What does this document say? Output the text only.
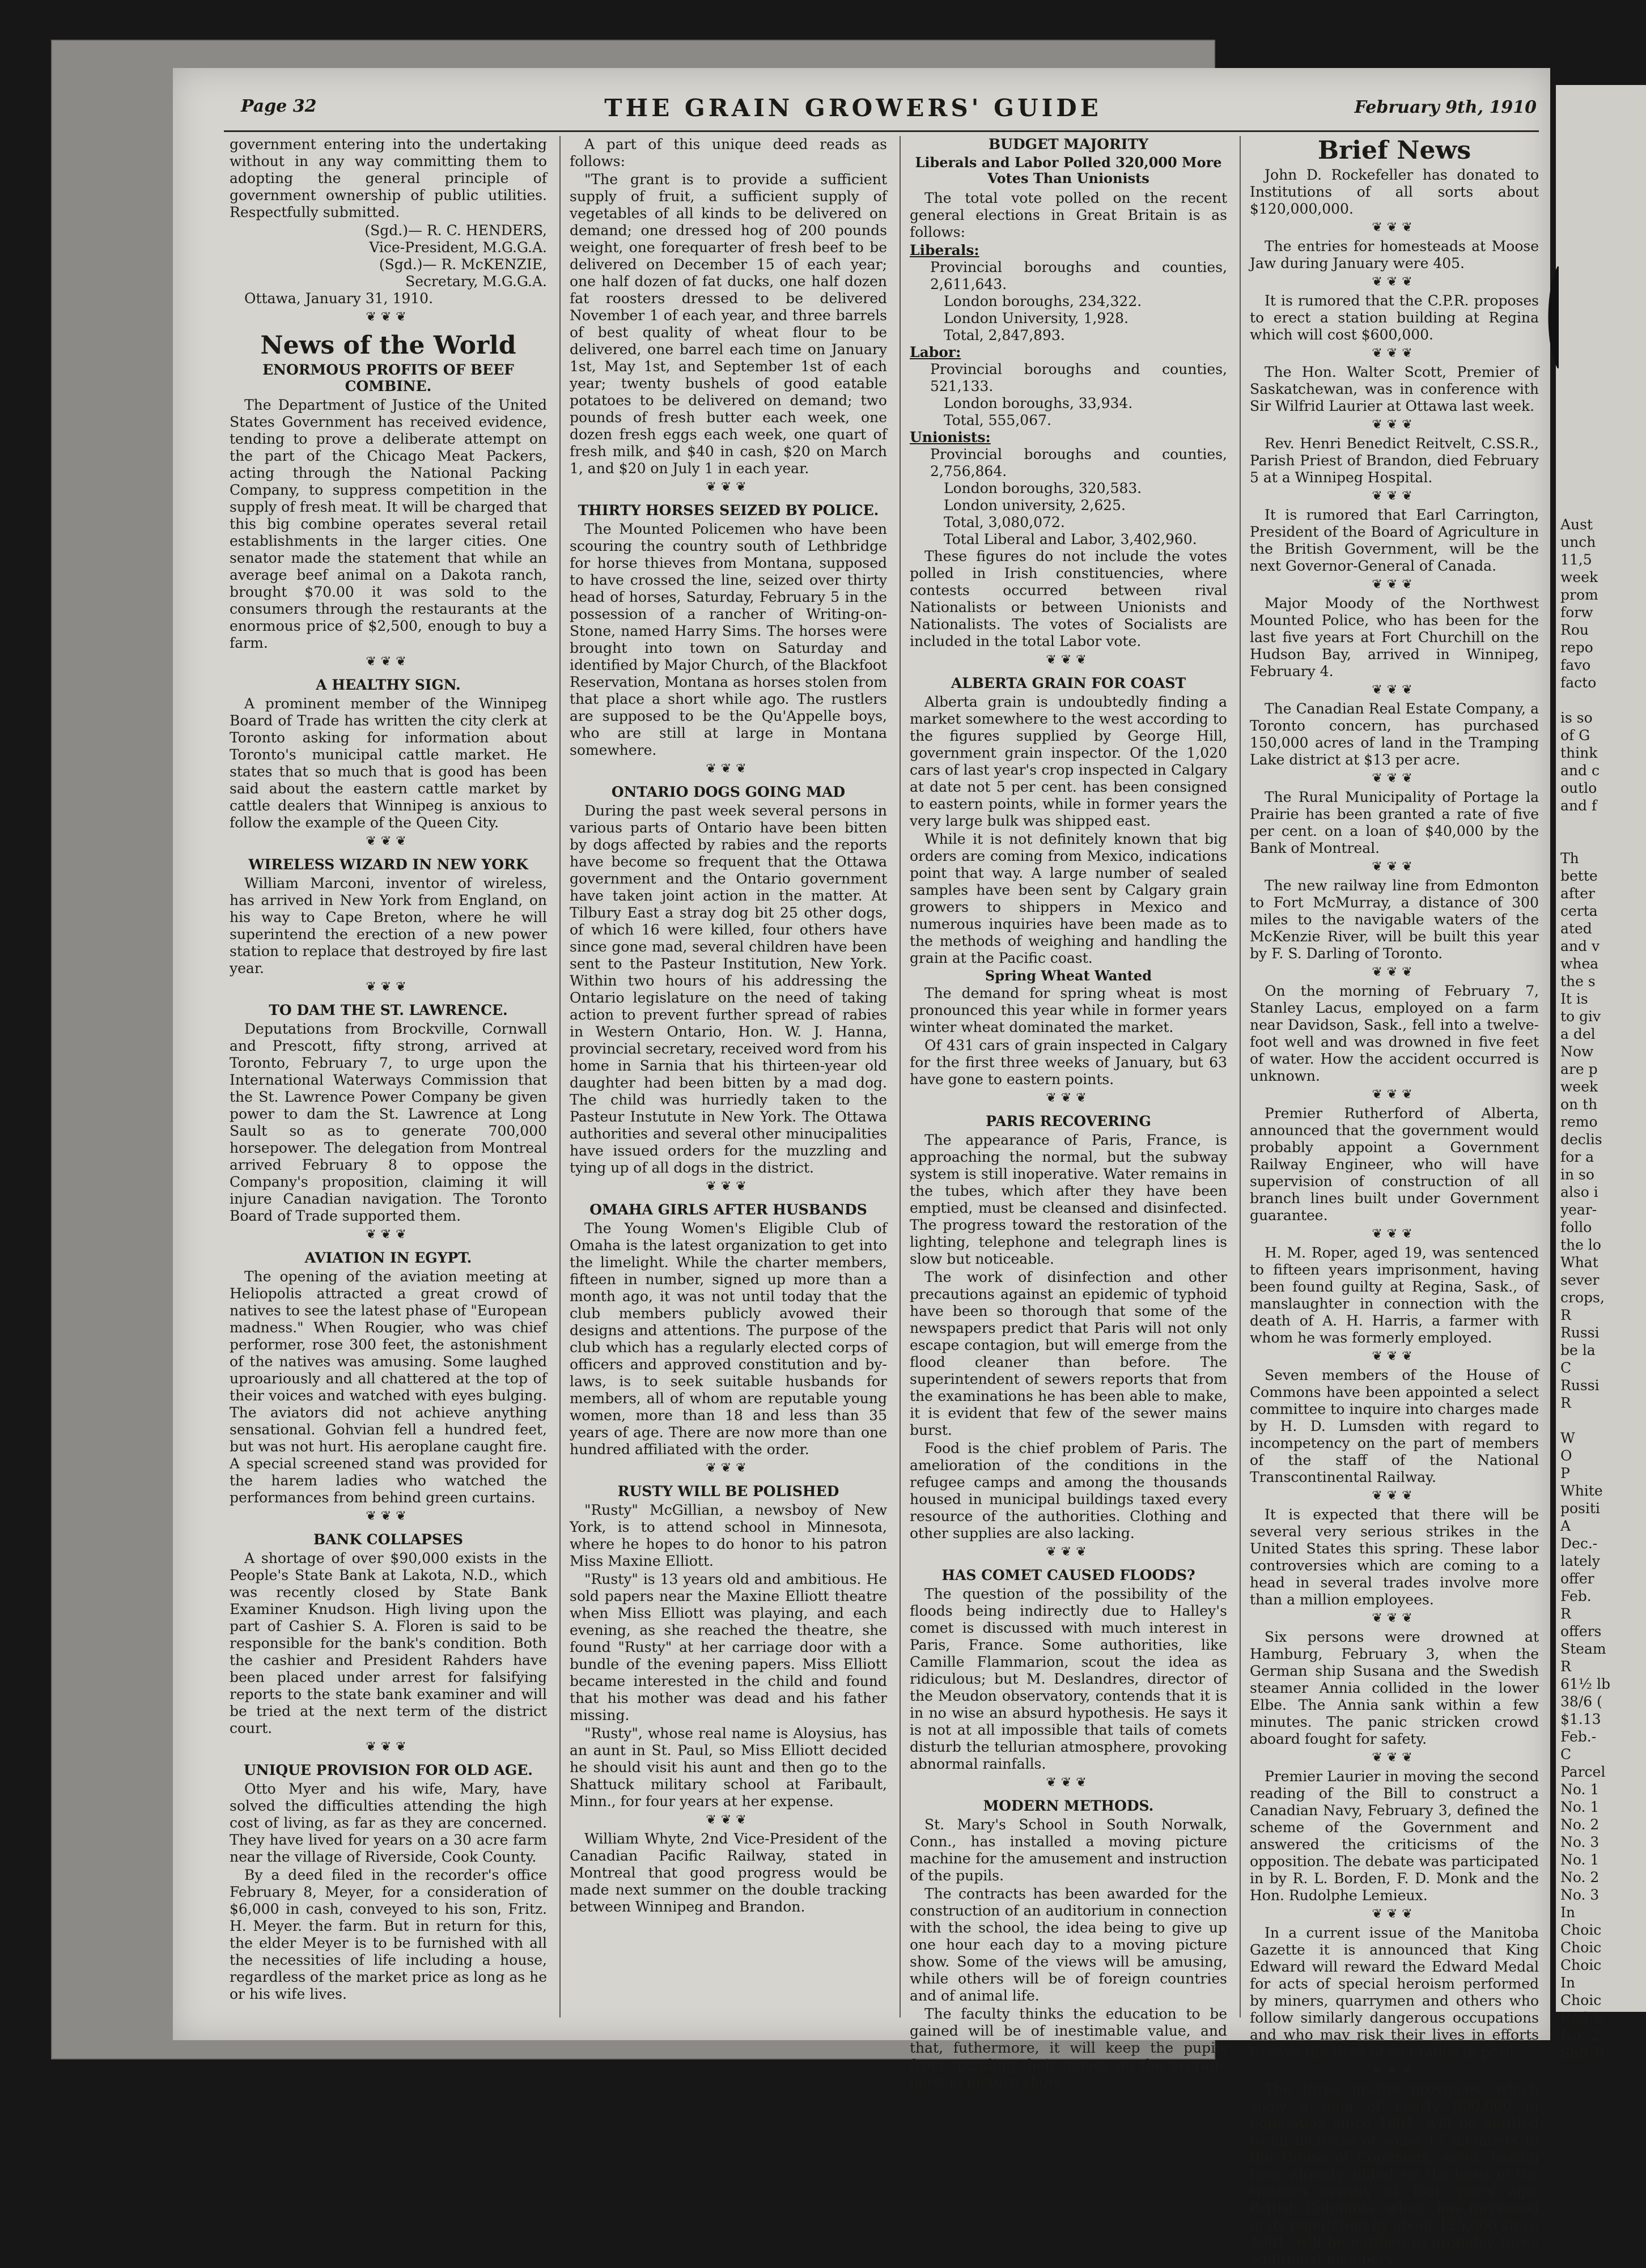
Page 32	THE GRAIN GROWERS' GUIDE	February 9th, 1910

government entering into the undertaking without in any way committing them to adopting the general principle of government ownership of public utilities. Respectfully submitted.

(Sgd.)— R. C. HENDERS,

Vice-President, M.G.G.A.

(Sgd.)— R. McKENZIE,

Secretary, M.G.G.A.

Ottawa, January 31, 1910.

❦❦❦
News of the World
ENORMOUS PROFITS OF BEEF COMBINE.

The Department of Justice of the United States Government has received evidence, tending to prove a deliberate attempt on the part of the Chicago Meat Packers, acting through the National Packing Company, to suppress competition in the supply of fresh meat. It will be charged that this big combine operates several retail establishments in the larger cities. One senator made the statement that while an average beef animal on a Dakota ranch, brought $70.00 it was sold to the consumers through the restaurants at the enormous price of $2,500, enough to buy a farm.

❦❦❦
A HEALTHY SIGN.

A prominent member of the Winnipeg Board of Trade has written the city clerk at Toronto asking for information about Toronto's municipal cattle market. He states that so much that is good has been said about the eastern cattle market by cattle dealers that Winnipeg is anxious to follow the example of the Queen City.

❦❦❦
WIRELESS WIZARD IN NEW YORK

William Marconi, inventor of wireless, has arrived in New York from England, on his way to Cape Breton, where he will superintend the erection of a new power station to replace that destroyed by fire last year.

❦❦❦
TO DAM THE ST. LAWRENCE.

Deputations from Brockville, Cornwall and Prescott, fifty strong, arrived at Toronto, February 7, to urge upon the International Waterways Commission that the St. Lawrence Power Company be given power to dam the St. Lawrence at Long Sault so as to generate 700,000 horsepower. The delegation from Montreal arrived February 8 to oppose the Company's proposition, claiming it will injure Canadian navigation. The Toronto Board of Trade supported them.

❦❦❦
AVIATION IN EGYPT.

The opening of the aviation meeting at Heliopolis attracted a great crowd of natives to see the latest phase of "European madness." When Rougier, who was chief performer, rose 300 feet, the astonishment of the natives was amusing. Some laughed uproariously and all chattered at the top of their voices and watched with eyes bulging. The aviators did not achieve anything sensational. Gohvian fell a hundred feet, but was not hurt. His aeroplane caught fire. A special screened stand was provided for the harem ladies who watched the performances from behind green curtains.

❦❦❦
BANK COLLAPSES

A shortage of over $90,000 exists in the People's State Bank at Lakota, N.D., which was recently closed by State Bank Examiner Knudson. High living upon the part of Cashier S. A. Floren is said to be responsible for the bank's condition. Both the cashier and President Rahders have been placed under arrest for falsifying reports to the state bank examiner and will be tried at the next term of the district court.

❦❦❦
UNIQUE PROVISION FOR OLD AGE.

Otto Myer and his wife, Mary, have solved the difficulties attending the high cost of living, as far as they are concerned. They have lived for years on a 30 acre farm near the village of Riverside, Cook County.

By a deed filed in the recorder's office February 8, Meyer, for a consideration of $6,000 in cash, conveyed to his son, Fritz. H. Meyer. the farm. But in return for this, the elder Meyer is to be furnished with all the necessities of life including a house, regardless of the market price as long as he or his wife lives.

A part of this unique deed reads as follows:

"The grant is to provide a sufficient supply of fruit, a sufficient supply of vegetables of all kinds to be delivered on demand; one dressed hog of 200 pounds weight, one forequarter of fresh beef to be delivered on December 15 of each year; one half dozen of fat ducks, one half dozen fat roosters dressed to be delivered November 1 of each year, and three barrels of best quality of wheat flour to be delivered, one barrel each time on January 1st, May 1st, and September 1st of each year; twenty bushels of good eatable potatoes to be delivered on demand; two pounds of fresh butter each week, one dozen fresh eggs each week, one quart of fresh milk, and $40 in cash, $20 on March 1, and $20 on July 1 in each year.

❦❦❦
THIRTY HORSES SEIZED BY POLICE.

The Mounted Policemen who have been scouring the country south of Lethbridge for horse thieves from Montana, supposed to have crossed the line, seized over thirty head of horses, Saturday, February 5 in the possession of a rancher of Writing-on-Stone, named Harry Sims. The horses were brought into town on Saturday and identified by Major Church, of the Blackfoot Reservation, Montana as horses stolen from that place a short while ago. The rustlers are supposed to be the Qu'Appelle boys, who are still at large in Montana somewhere.

❦❦❦
ONTARIO DOGS GOING MAD

During the past week several persons in various parts of Ontario have been bitten by dogs affected by rabies and the reports have become so frequent that the Ottawa government and the Ontario government have taken joint action in the matter. At Tilbury East a stray dog bit 25 other dogs, of which 16 were killed, four others have since gone mad, several children have been sent to the Pasteur Institution, New York. Within two hours of his addressing the Ontario legislature on the need of taking action to prevent further spread of rabies in Western Ontario, Hon. W. J. Hanna, provincial secretary, received word from his home in Sarnia that his thirteen-year old daughter had been bitten by a mad dog. The child was hurriedly taken to the Pasteur Instutute in New York. The Ottawa authorities and several other minucipalities have issued orders for the muzzling and tying up of all dogs in the district.

❦❦❦
OMAHA GIRLS AFTER HUSBANDS

The Young Women's Eligible Club of Omaha is the latest organization to get into the limelight. While the charter members, fifteen in number, signed up more than a month ago, it was not until today that the club members publicly avowed their designs and attentions. The purpose of the club which has a regularly elected corps of officers and approved constitution and by-laws, is to seek suitable husbands for members, all of whom are reputable young women, more than 18 and less than 35 years of age. There are now more than one hundred affiliated with the order.

❦❦❦
RUSTY WILL BE POLISHED

"Rusty" McGillian, a newsboy of New York, is to attend school in Minnesota, where he hopes to do honor to his patron Miss Maxine Elliott.

"Rusty" is 13 years old and ambitious. He sold papers near the Maxine Elliott theatre when Miss Elliott was playing, and each evening, as she reached the theatre, she found "Rusty" at her carriage door with a bundle of the evening papers. Miss Elliott became interested in the child and found that his mother was dead and his father missing.

"Rusty", whose real name is Aloysius, has an aunt in St. Paul, so Miss Elliott decided he should visit his aunt and then go to the Shattuck military school at Faribault, Minn., for four years at her expense.

❦❦❦

William Whyte, 2nd Vice-President of the Canadian Pacific Railway, stated in Montreal that good progress would be made next summer on the double tracking between Winnipeg and Brandon.

BUDGET MAJORITY
Liberals and Labor Polled 320,000 More Votes Than Unionists

The total vote polled on the recent general elections in Great Britain is as follows:

Liberals:

Provincial boroughs and counties, 2,611,643.

London boroughs, 234,322.

London University, 1,928.

Total, 2,847,893.

Labor:

Provincial boroughs and counties, 521,133.

London boroughs, 33,934.

Total, 555,067.

Unionists:

Provincial boroughs and counties, 2,756,864.

London boroughs, 320,583.

London university, 2,625.

Total, 3,080,072.

Total Liberal and Labor, 3,402,960.

These figures do not include the votes polled in Irish constituencies, where contests occurred between rival Nationalists or between Unionists and Nationalists. The votes of Socialists are included in the total Labor vote.

❦❦❦
ALBERTA GRAIN FOR COAST

Alberta grain is undoubtedly finding a market somewhere to the west according to the figures supplied by George Hill, government grain inspector. Of the 1,020 cars of last year's crop inspected in Calgary at date not 5 per cent. has been consigned to eastern points, while in former years the very large bulk was shipped east.

While it is not definitely known that big orders are coming from Mexico, indications point that way. A large number of sealed samples have been sent by Calgary grain growers to shippers in Mexico and numerous inquiries have been made as to the methods of weighing and handling the grain at the Pacific coast.

Spring Wheat Wanted

The demand for spring wheat is most pronounced this year while in former years winter wheat dominated the market.

Of 431 cars of grain inspected in Calgary for the first three weeks of January, but 63 have gone to eastern points.

❦❦❦
PARIS RECOVERING

The appearance of Paris, France, is approaching the normal, but the subway system is still inoperative. Water remains in the tubes, which after they have been emptied, must be cleansed and disinfected. The progress toward the restoration of the lighting, telephone and telegraph lines is slow but noticeable.

The work of disinfection and other precautions against an epidemic of typhoid have been so thorough that some of the newspapers predict that Paris will not only escape contagion, but will emerge from the flood cleaner than before. The superintendent of sewers reports that from the examinations he has been able to make, it is evident that few of the sewer mains burst.

Food is the chief problem of Paris. The amelioration of the conditions in the refugee camps and among the thousands housed in municipal buildings taxed every resource of the authorities. Clothing and other supplies are also lacking.

❦❦❦
HAS COMET CAUSED FLOODS?

The question of the possibility of the floods being indirectly due to Halley's comet is discussed with much interest in Paris, France. Some authorities, like Camille Flammarion, scout the idea as ridiculous; but M. Deslandres, director of the Meudon observatory, contends that it is in no wise an absurd hypothesis. He says it is not at all impossible that tails of comets disturb the tellurian atmosphere, provoking abnormal rainfalls.

❦❦❦
MODERN METHODS.

St. Mary's School in South Norwalk, Conn., has installed a moving picture machine for the amusement and instruction of the pupils.

The contracts has been awarded for the construction of an auditorium in connection with the school, the idea being to give up one hour each day to a moving picture show. Some of the views will be amusing, while others will be of foreign countries and of animal life.

The faculty thinks the education to be gained will be of inestimable value, and that, futhermore, it will keep the pupils from spending their money on the average moving picture show.

Brief News

John D. Rockefeller has donated to Institutions of all sorts about $120,000,000.

❦❦❦

The entries for homesteads at Moose Jaw during January were 405.

❦❦❦

It is rumored that the C.P.R. proposes to erect a station building at Regina which will cost $600,000.

❦❦❦

The Hon. Walter Scott, Premier of Saskatchewan, was in conference with Sir Wilfrid Laurier at Ottawa last week.

❦❦❦

Rev. Henri Benedict Reitvelt, C.SS.R., Parish Priest of Brandon, died February 5 at a Winnipeg Hospital.

❦❦❦

It is rumored that Earl Carrington, President of the Board of Agriculture in the British Government, will be the next Governor-General of Canada.

❦❦❦

Major Moody of the Northwest Mounted Police, who has been for the last five years at Fort Churchill on the Hudson Bay, arrived in Winnipeg, February 4.

❦❦❦

The Canadian Real Estate Company, a Toronto concern, has purchased 150,000 acres of land in the Tramping Lake district at $13 per acre.

❦❦❦

The Rural Municipality of Portage la Prairie has been granted a rate of five per cent. on a loan of $40,000 by the Bank of Montreal.

❦❦❦

The new railway line from Edmonton to Fort McMurray, a distance of 300 miles to the navigable waters of the McKenzie River, will be built this year by F. S. Darling of Toronto.

❦❦❦

On the morning of February 7, Stanley Lacus, employed on a farm near Davidson, Sask., fell into a twelve-foot well and was drowned in five feet of water. How the accident occurred is unknown.

❦❦❦

Premier Rutherford of Alberta, announced that the government would probably appoint a Government Railway Engineer, who will have supervision of construction of all branch lines built under Government guarantee.

❦❦❦

H. M. Roper, aged 19, was sentenced to fifteen years imprisonment, having been found guilty at Regina, Sask., of manslaughter in connection with the death of A. H. Harris, a farmer with whom he was formerly employed.

❦❦❦

Seven members of the House of Commons have been appointed a select committee to inquire into charges made by H. D. Lumsden with regard to incompetency on the part of members of the staff of the National Transcontinental Railway.

❦❦❦

It is expected that there will be several very serious strikes in the United States this spring. These labor controversies which are coming to a head in several trades involve more than a million employees.

❦❦❦

Six persons were drowned at Hamburg, February 3, when the German ship Susana and the Swedish steamer Annia collided in the lower Elbe. The Annia sank within a few minutes. The panic stricken crowd aboard fought for safety.

❦❦❦

Premier Laurier in moving the second reading of the Bill to construct a Canadian Navy, February 3, defined the scheme of the Government and answered the criticisms of the opposition. The debate was participated in by R. L. Borden, F. D. Monk and the Hon. Rudolphe Lemieux.

❦❦❦

In a current issue of the Manitoba Gazette it is announced that King Edward will reward the Edward Medal for acts of special heroism performed by miners, quarrymen and others who follow similarly dangerous occupations and who may risk their lives in efforts to save the lives of comrades in peril.

❦❦❦

The three prairie provinces, which show a gain of nearly 800,000 in population since 1901, will be entitled to an increase of some 17 members in the House of Commons, seven having been already added. on the basis of the western census of four years ago. British Columbia, which has increased in its population by about 125,000 since 1901, will be entitled to probably three additional members.

Aust
unch
11,5
week
prom
forw
Rou
repo
favo
facto
is so
of G
think
and c
outlo
and f
Th
bette
after
certa
ated
and v
whea
the s
It is
to giv
a del
Now
are p
week
on th
remo
declis
for a
in so
also i
year-
follo
the lo
What
sever
crops,
R
Russi
be la
C
Russi
R
W
O
P
White
positi
A
Dec.-
lately
offer
Feb.
R
offers
Steam
R
61½ lb
38/6 (
$1.13
Feb.-
C
Parcel
No. 1
No. 1
No. 2
No. 3
No. 1
No. 2
No. 3
In
Choic
Choic
Choic
In
Choic
Red K
No. 2
Soft R
